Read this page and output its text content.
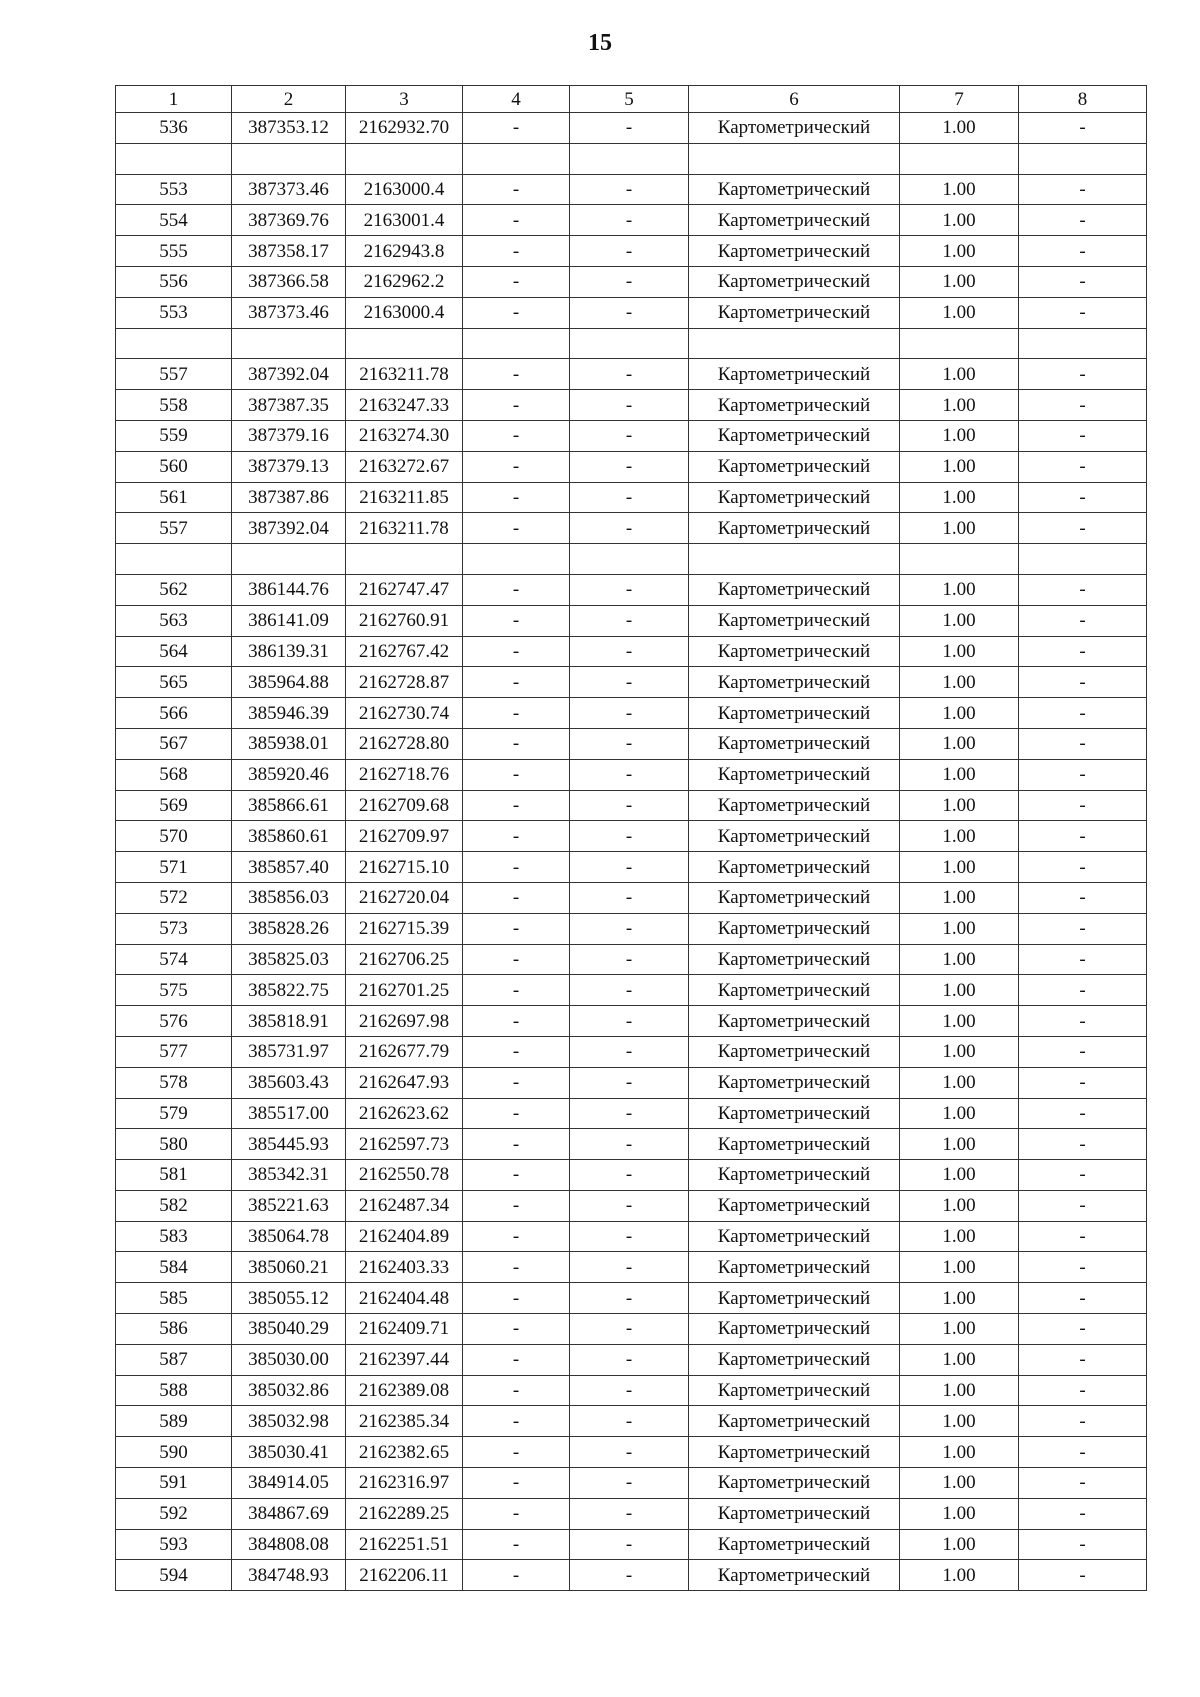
15
1	2	3	4	5	6	7	8
536	387353.12	2162932.70	-	-	Картометрический	1.00	-

553	387373.46	2163000.4	-	-	Картометрический	1.00	-
554	387369.76	2163001.4	-	-	Картометрический	1.00	-
555	387358.17	2162943.8	-	-	Картометрический	1.00	-
556	387366.58	2162962.2	-	-	Картометрический	1.00	-
553	387373.46	2163000.4	-	-	Картометрический	1.00	-

557	387392.04	2163211.78	-	-	Картометрический	1.00	-
558	387387.35	2163247.33	-	-	Картометрический	1.00	-
559	387379.16	2163274.30	-	-	Картометрический	1.00	-
560	387379.13	2163272.67	-	-	Картометрический	1.00	-
561	387387.86	2163211.85	-	-	Картометрический	1.00	-
557	387392.04	2163211.78	-	-	Картометрический	1.00	-

562	386144.76	2162747.47	-	-	Картометрический	1.00	-
563	386141.09	2162760.91	-	-	Картометрический	1.00	-
564	386139.31	2162767.42	-	-	Картометрический	1.00	-
565	385964.88	2162728.87	-	-	Картометрический	1.00	-
566	385946.39	2162730.74	-	-	Картометрический	1.00	-
567	385938.01	2162728.80	-	-	Картометрический	1.00	-
568	385920.46	2162718.76	-	-	Картометрический	1.00	-
569	385866.61	2162709.68	-	-	Картометрический	1.00	-
570	385860.61	2162709.97	-	-	Картометрический	1.00	-
571	385857.40	2162715.10	-	-	Картометрический	1.00	-
572	385856.03	2162720.04	-	-	Картометрический	1.00	-
573	385828.26	2162715.39	-	-	Картометрический	1.00	-
574	385825.03	2162706.25	-	-	Картометрический	1.00	-
575	385822.75	2162701.25	-	-	Картометрический	1.00	-
576	385818.91	2162697.98	-	-	Картометрический	1.00	-
577	385731.97	2162677.79	-	-	Картометрический	1.00	-
578	385603.43	2162647.93	-	-	Картометрический	1.00	-
579	385517.00	2162623.62	-	-	Картометрический	1.00	-
580	385445.93	2162597.73	-	-	Картометрический	1.00	-
581	385342.31	2162550.78	-	-	Картометрический	1.00	-
582	385221.63	2162487.34	-	-	Картометрический	1.00	-
583	385064.78	2162404.89	-	-	Картометрический	1.00	-
584	385060.21	2162403.33	-	-	Картометрический	1.00	-
585	385055.12	2162404.48	-	-	Картометрический	1.00	-
586	385040.29	2162409.71	-	-	Картометрический	1.00	-
587	385030.00	2162397.44	-	-	Картометрический	1.00	-
588	385032.86	2162389.08	-	-	Картометрический	1.00	-
589	385032.98	2162385.34	-	-	Картометрический	1.00	-
590	385030.41	2162382.65	-	-	Картометрический	1.00	-
591	384914.05	2162316.97	-	-	Картометрический	1.00	-
592	384867.69	2162289.25	-	-	Картометрический	1.00	-
593	384808.08	2162251.51	-	-	Картометрический	1.00	-
594	384748.93	2162206.11	-	-	Картометрический	1.00	-
